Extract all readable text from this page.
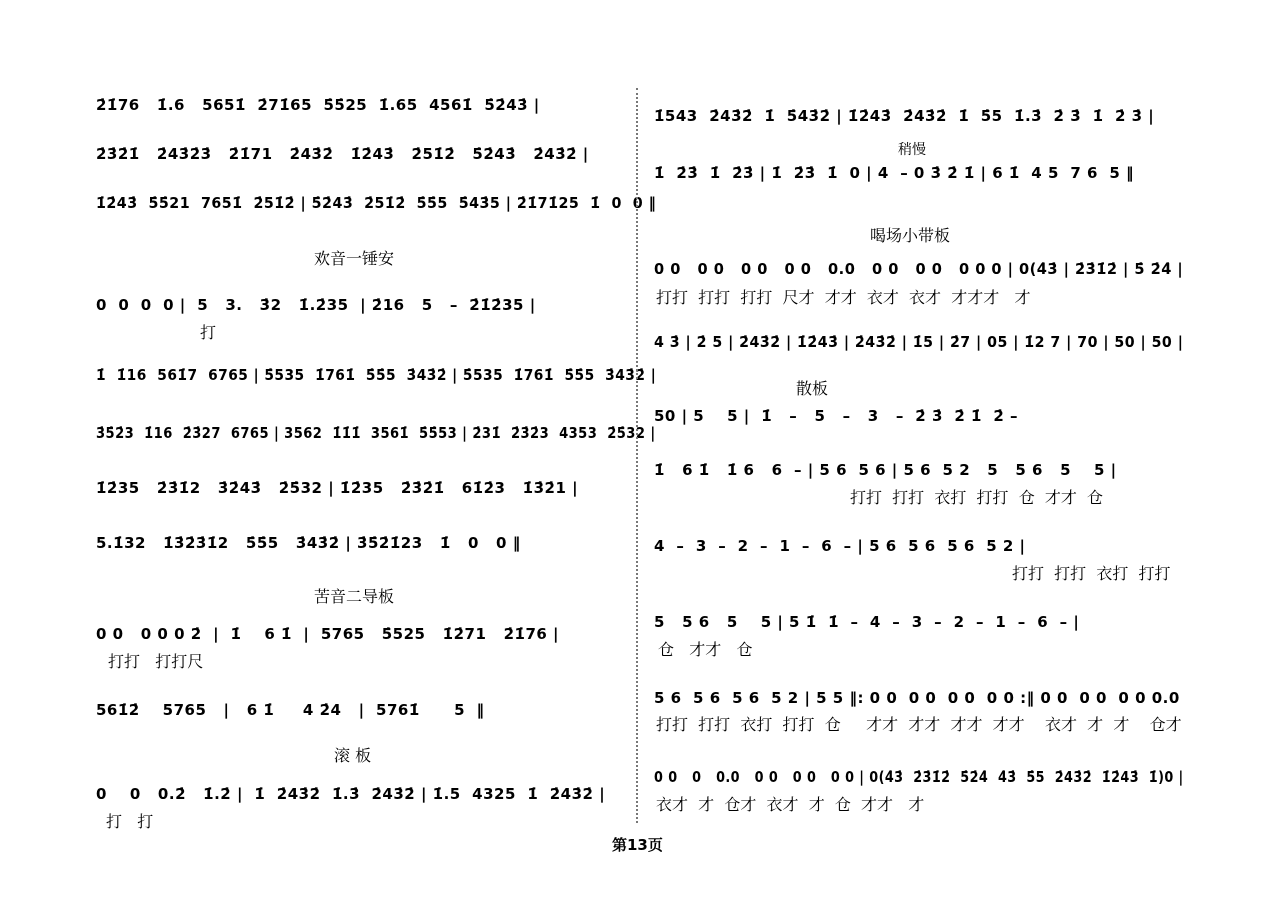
2̇1̇76   1̇.6   5651̇  2̇71̇65  5̇5̇25  1̇.65  4561̇  5̇2̇43̇ |
2̇3̇2̇1̇   2̇43̇2̇3̇   2̇1̇71   2̇43̇2̇   1̇2̇43̇   2̇51̇2̇   5̇2̇43̇   2̇43̇2̇ |
1̇2̇43̇  5̇5̇21  7651̇  2̇51̇2̇ | 5̇2̇43̇  2̇51̇2̇  5̇5̇5  5̇43̇5 | 2̇1̇71̇25  1̇  0  0 ‖
欢音一锤安
0  0  0  0 |  5   3.   3̇2   1̇.2̇35  | 2̇16   5   –  2̇1̇2̇35 |
打
1̇  1̇16  561̇7  6765 | 5̇535  1̇761̇  5̇5̇5  3̇43̇2̇ | 5̇535  1̇761̇  5̇5̇5  3̇43̇2̇ |
3̇5̇2̇3  1̇16  2̇3̇27  6765 | 3562  1̇1̇1̇  3561̇  5̇5̇53 | 2̇31̇  2̇3̇2̇3  4353  2̇5̇32 |
1̇2̇35   2̇3̇1̇2   3̇2̇43̇   2̇5̇32 | 1̇2̇35   2̇3̇2̇1̇   61̇2̇3   1̇3̇2̇1 |
5.1̇32   1̇3̇2̇3̇1̇2   5̇5̇5   3̇43̇2̇ | 3̇5̇2̇1̇23   1̇   0   0 ‖
苦音二导板
0 0   0 0 0 2̇  |  1̇    6 1̇  |  5765   5̇525   1̇2̇71   2̇1̇76 |
打打   打打尺
561̇2̇    5765   |   6 1̇     4 2̇4   |  5761̇      5  ‖
滚 板
0    0   0.2̇   1̇.2̇ |  1̇  2̇43̇2̇  1̇.3̇  2̇43̇2̇ | 1̇.5  4325  1̇  2̇43̇2̇ |
打   打
1̇543  2̇43̇2̇  1̇  5̇43̇2̇ | 1̇2̇43̇  2̇43̇2̇  1̇  5̇5  1̇.3̇  2̇ 3̇  1̇  2̇ 3̇ |
稍慢
1̇  2̇3̇  1̇  2̇3̇ | 1̇  2̇3̇  1̇  0 | 4  – 0 3̇ 2̇ 1̇ | 6 1̇  4 5  7 6  5 ‖
喝场小带板
0 0   0 0   0 0   0 0   0.0   0 0   0 0   0 0 0 | 0(4̇3̇ | 2̇3̇1̇2̇ | 5̇ 2̇4̇ |
打打  打打  打打  尺才  才才  衣才  衣才  才才才   才
4 3̇ | 2̇ 5 | 2̇43̇2̇ | 1̇2̇43̇ | 2̇43̇2̇ | 1̇5 | 2̇7 | 05 | 1̇2 7 | 70 | 50 | 50 |
散板
50 | 5    5 |  1̇   –   5   –   3   –  2̇ 3̇  2̇ 1̇  2̇ –
1̇   6 1̇   1̇ 6   6  – | 5 6  5 6 | 5 6  5 2   5   5 6   5    5 |
打打  打打  衣打  打打  仓  才才  仓
4  –  3  –  2  –  1  –  6  – | 5 6  5 6  5 6  5 2 |
打打  打打  衣打  打打
5   5 6   5    5 | 5 1̇  1̇  –  4  –  3  –  2  –  1  –  6  – |
仓   才才   仓
5 6  5 6  5 6  5 2 | 5 5 ‖: 0 0  0 0  0 0  0 0 :‖ 0 0  0 0  0 0 0.0
打打  打打  衣打  打打  仓     才才  才才  才才  才才    衣才  才  才    仓才
0 0   0   0.0   0 0   0 0   0 0 | 0(4̇3̇  2̇3̇1̇2̇  5̇2̇4̇  4̇3̇  5̇5  2̇43̇2̇  1̇2̇43̇  1̇)0 |
衣才  才  仓才  衣才  才  仓  才才   才
第13页
